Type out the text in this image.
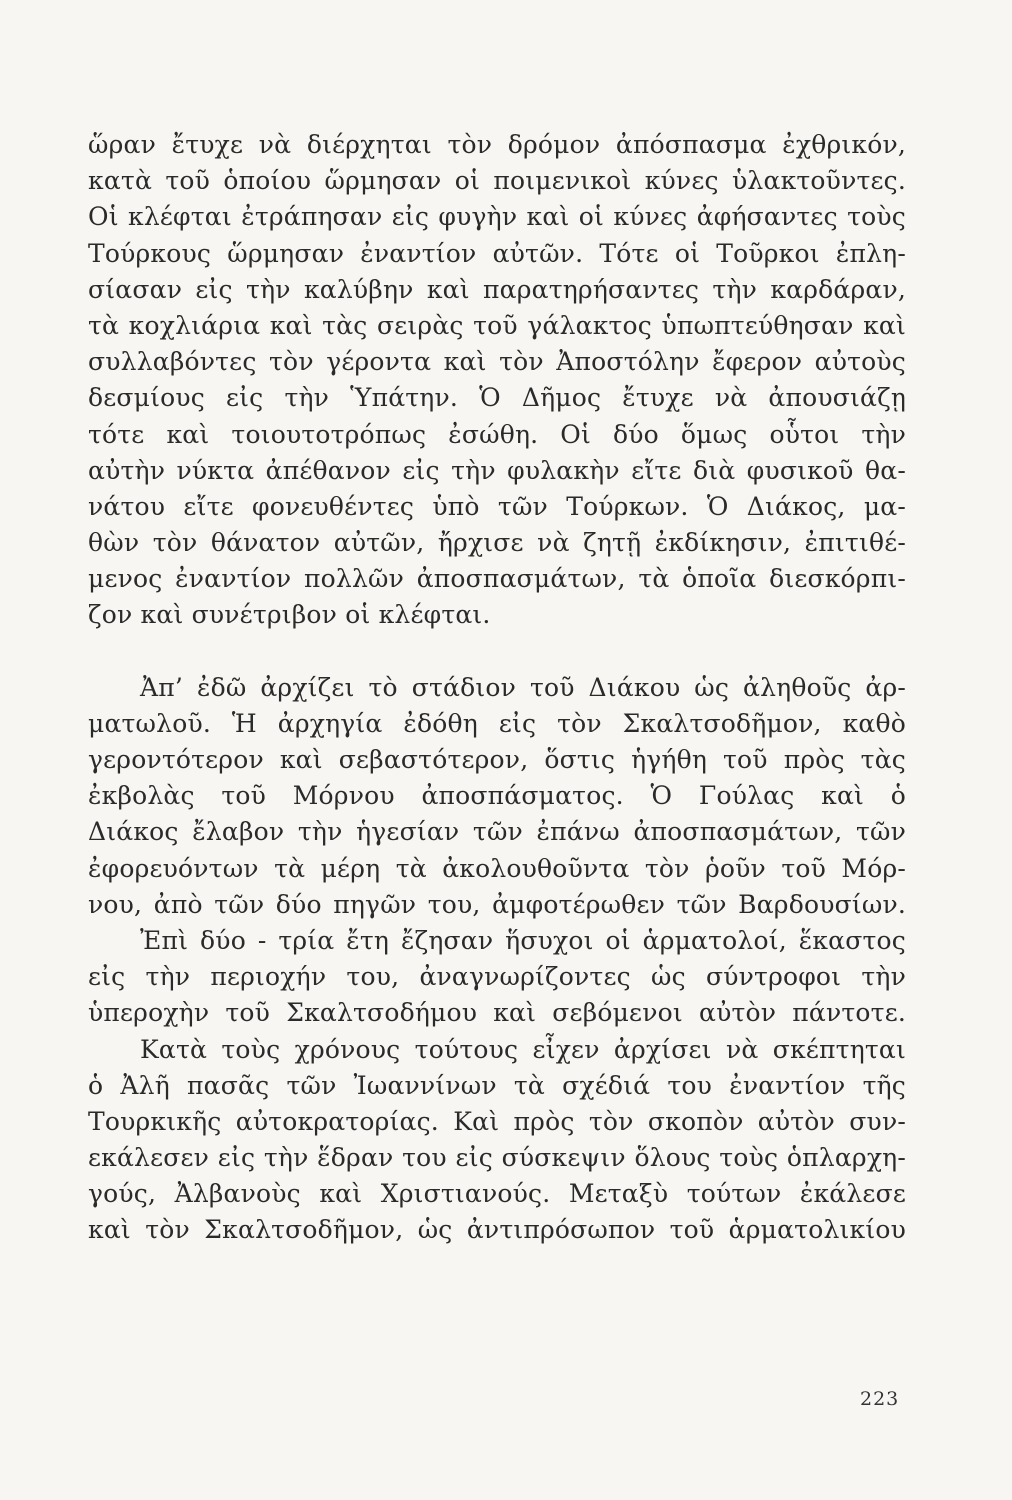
ὥραν ἔτυχε νὰ διέρχηται τὸν δρόμον ἀπόσπασμα ἐχθρικόν,
κατὰ τοῦ ὁποίου ὥρμησαν οἱ ποιμενικοὶ κύνες ὑλακτοῦντες.
Οἱ κλέφται ἐτράπησαν εἰς φυγὴν καὶ οἱ κύνες ἀφήσαντες τοὺς
Τούρκους ὥρμησαν ἐναντίον αὐτῶν. Τότε οἱ Τοῦρκοι ἐπλη-
σίασαν εἰς τὴν καλύβην καὶ παρατηρήσαντες τὴν καρδάραν,
τὰ κοχλιάρια καὶ τὰς σειρὰς τοῦ γάλακτος ὑπωπτεύθησαν καὶ
συλλαβόντες τὸν γέροντα καὶ τὸν Ἀποστόλην ἔφερον αὐτοὺς
δεσμίους εἰς τὴν Ὑπάτην. Ὁ Δῆμος ἔτυχε νὰ ἀπουσιάζῃ
τότε καὶ τοιουτοτρόπως ἐσώθη. Οἱ δύο ὅμως οὗτοι τὴν
αὐτὴν νύκτα ἀπέθανον εἰς τὴν φυλακὴν εἴτε διὰ φυσικοῦ θα-
νάτου εἴτε φονευθέντες ὑπὸ τῶν Τούρκων. Ὁ Διάκος, μα-
θὼν τὸν θάνατον αὐτῶν, ἤρχισε νὰ ζητῇ ἐκδίκησιν, ἐπιτιθέ-
μενος ἐναντίον πολλῶν ἀποσπασμάτων, τὰ ὁποῖα διεσκόρπι-
ζον καὶ συνέτριβον οἱ κλέφται.
Ἀπ’ ἐδῶ ἀρχίζει τὸ στάδιον τοῦ Διάκου ὡς ἀληθοῦς ἀρ-
ματωλοῦ. Ἡ ἀρχηγία ἐδόθη εἰς τὸν Σκαλτσοδῆμον, καθὸ
γεροντότερον καὶ σεβαστότερον, ὅστις ἡγήθη τοῦ πρὸς τὰς
ἐκβολὰς τοῦ Μόρνου ἀποσπάσματος. Ὁ Γούλας καὶ ὁ
Διάκος ἔλαβον τὴν ἡγεσίαν τῶν ἐπάνω ἀποσπασμάτων, τῶν
ἐφορευόντων τὰ μέρη τὰ ἀκολουθοῦντα τὸν ῥοῦν τοῦ Μόρ-
νου, ἀπὸ τῶν δύο πηγῶν του, ἀμφοτέρωθεν τῶν Βαρδουσίων.
Ἐπὶ δύο - τρία ἔτη ἔζησαν ἥσυχοι οἱ ἁρματολοί, ἕκαστος
εἰς τὴν περιοχήν του, ἀναγνωρίζοντες ὡς σύντροφοι τὴν
ὑπεροχὴν τοῦ Σκαλτσοδήμου καὶ σεβόμενοι αὐτὸν πάντοτε.
Κατὰ τοὺς χρόνους τούτους εἶχεν ἀρχίσει νὰ σκέπτηται
ὁ Ἀλῆ πασᾶς τῶν Ἰωαννίνων τὰ σχέδιά του ἐναντίον τῆς
Τουρκικῆς αὐτοκρατορίας. Καὶ πρὸς τὸν σκοπὸν αὐτὸν συν-
εκάλεσεν εἰς τὴν ἕδραν του εἰς σύσκεψιν ὅλους τοὺς ὁπλαρχη-
γούς, Ἀλβανοὺς καὶ Χριστιανούς. Μεταξὺ τούτων ἐκάλεσε
καὶ τὸν Σκαλτσοδῆμον, ὡς ἀντιπρόσωπον τοῦ ἁρματολικίου
223
